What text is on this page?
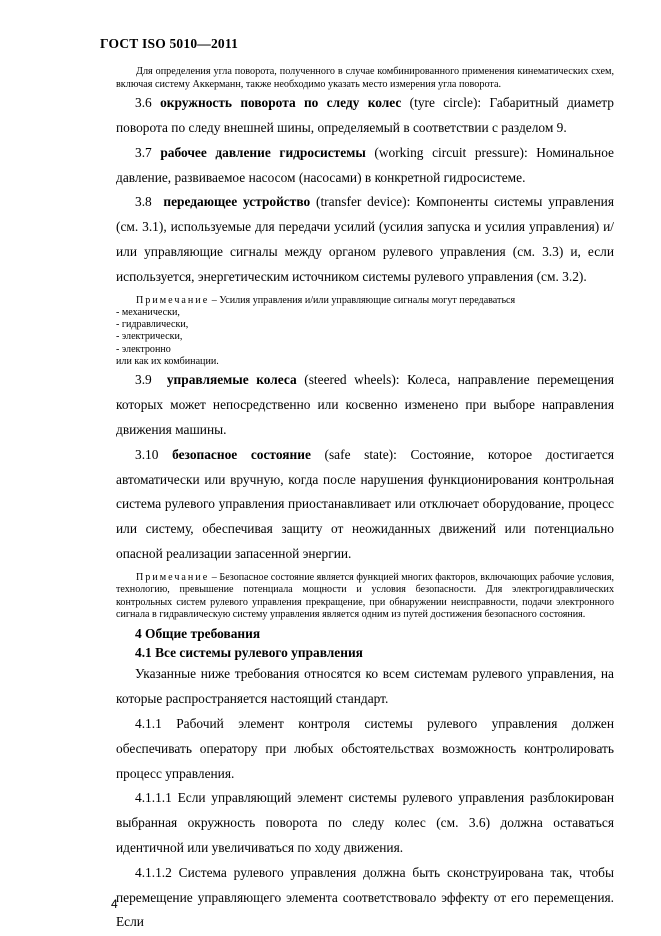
ГОСТ ISO 5010—2011

Для определения угла поворота, полученного в случае комбинированного применения кинематических схем, включая систему Аккерманн, также необходимо указать место измерения угла поворота.

3.6 окружность поворота по следу колес (tyre circle): Габаритный диаметр поворота по следу внешней шины, определяемый в соответствии с разделом 9.

3.7 рабочее давление гидросистемы (working circuit pressure): Номинальное давление, развиваемое насосом (насосами) в конкретной гидросистеме.

3.8 передающее устройство (transfer device): Компоненты системы управления (см. 3.1), используемые для передачи усилий (усилия запуска и усилия управления) и/или управляющие сигналы между органом рулевого управления (см. 3.3) и, если используется, энергетическим источником системы рулевого управления (см. 3.2).

Примечание – Усилия управления и/или управляющие сигналы могут передаваться
- механически,
- гидравлически,
- электрически,
- электронно
или как их комбинации.

3.9 управляемые колеса (steered wheels): Колеса, направление перемещения которых может непосредственно или косвенно изменено при выборе направления движения машины.

3.10 безопасное состояние (safe state): Состояние, которое достигается автоматически или вручную, когда после нарушения функционирования контрольная система рулевого управления приостанавливает или отключает оборудование, процесс или систему, обеспечивая защиту от неожиданных движений или потенциально опасной реализации запасенной энергии.

Примечание – Безопасное состояние является функцией многих факторов, включающих рабочие условия, технологию, превышение потенциала мощности и условия безопасности. Для электрогидравлических контрольных систем рулевого управления прекращение, при обнаружении неисправности, подачи электронного сигнала в гидравлическую систему управления является одним из путей достижения безопасного состояния.

4 Общие требования

4.1 Все системы рулевого управления

Указанные ниже требования относятся ко всем системам рулевого управления, на которые распространяется настоящий стандарт.

4.1.1 Рабочий элемент контроля системы рулевого управления должен обеспечивать оператору при любых обстоятельствах возможность контролировать процесс управления.

4.1.1.1 Если управляющий элемент системы рулевого управления разблокирован выбранная окружность поворота по следу колес (см. 3.6) должна оставаться идентичной или увеличиваться по ходу движения.

4.1.1.2 Система рулевого управления должна быть сконструирована так, чтобы перемещение управляющего элемента соответствовало эффекту от его перемещения. Если

4
